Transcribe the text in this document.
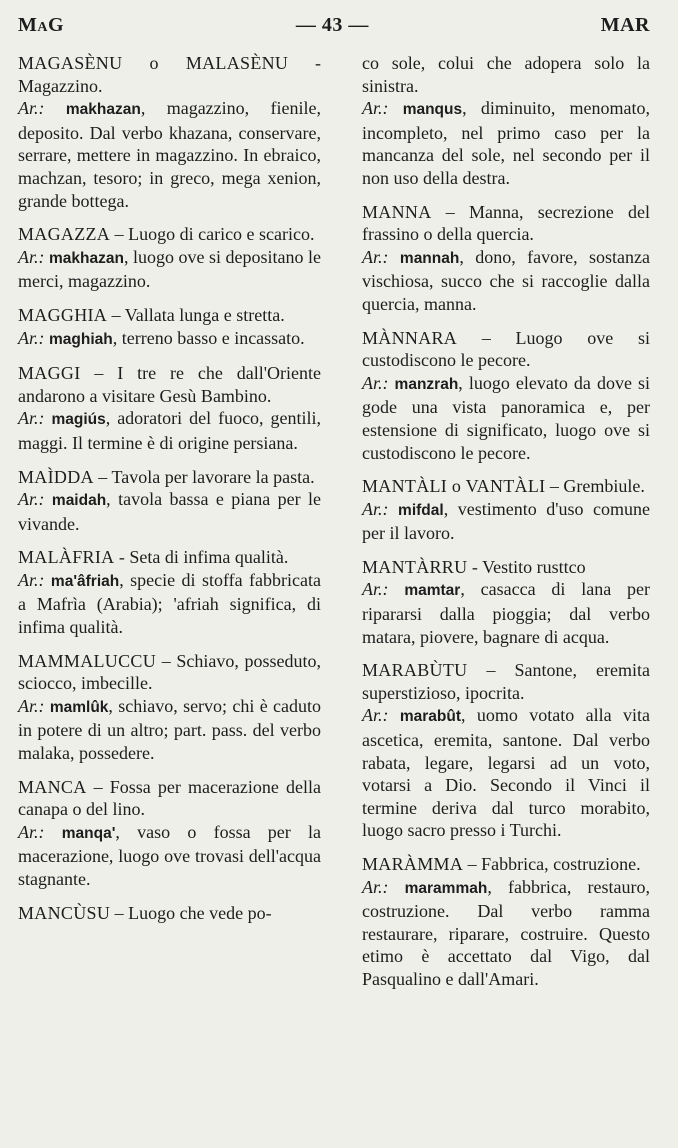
MaG	— 43 —	MAR

MAGASÈNU o MALASÈNU - Magazzino.

Ar.: makhazan, magazzino, fienile, deposito. Dal verbo khazana, conservare, serrare, mettere in magazzino. In ebraico, machzan, tesoro; in greco, mega xenion, grande bottega.

MAGAZZA – Luogo di carico e scarico.

Ar.: makhazan, luogo ove si depositano le merci, magazzino.

MAGGHIA – Vallata lunga e stretta.

Ar.: maghiah, terreno basso e incassato.

MAGGI – I tre re che dall'Oriente andarono a visitare Gesù Bambino.

Ar.: magiús, adoratori del fuoco, gentili, maggi. Il termine è di origine persiana.

MAÌDDA – Tavola per lavorare la pasta.

Ar.: maidah, tavola bassa e piana per le vivande.

MALÀFRIA - Seta di infima qualità.

Ar.: ma'âfriah, specie di stoffa fabbricata a Mafrìa (Arabia); 'afriah significa, di infima qualità.

MAMMALUCCU – Schiavo, posseduto, sciocco, imbecille.

Ar.: mamlûk, schiavo, servo; chi è caduto in potere di un altro; part. pass. del verbo malaka, possedere.

MANCA – Fossa per macerazione della canapa o del lino.

Ar.: manqa', vaso o fossa per la macerazione, luogo ove trovasi dell'acqua stagnante.

MANCÙSU – Luogo che vede po-

co sole, colui che adopera solo la sinistra.

Ar.: manqus, diminuito, menomato, incompleto, nel primo caso per la mancanza del sole, nel secondo per il non uso della destra.

MANNA – Manna, secrezione del frassino o della quercia.

Ar.: mannah, dono, favore, sostanza vischiosa, succo che si raccoglie dalla quercia, manna.

MÀNNARA – Luogo ove si custodiscono le pecore.

Ar.: manzrah, luogo elevato da dove si gode una vista panoramica e, per estensione di significato, luogo ove si custodiscono le pecore.

MANTÀLI o VANTÀLI – Grembiule.

Ar.: mifdal, vestimento d'uso comune per il lavoro.

MANTÀRRU - Vestito rusttco

Ar.: mamtar, casacca di lana per ripararsi dalla pioggia; dal verbo matara, piovere, bagnare di acqua.

MARABÙTU – Santone, eremita superstizioso, ipocrita.

Ar.: marabût, uomo votato alla vita ascetica, eremita, santone. Dal verbo rabata, legare, legarsi ad un voto, votarsi a Dio. Secondo il Vinci il termine deriva dal turco morabito, luogo sacro presso i Turchi.

MARÀMMA – Fabbrica, costruzione.

Ar.: marammah, fabbrica, restauro, costruzione. Dal verbo ramma restaurare, riparare, costruire. Questo etimo è accettato dal Vigo, dal Pasqualino e dall'Amari.
